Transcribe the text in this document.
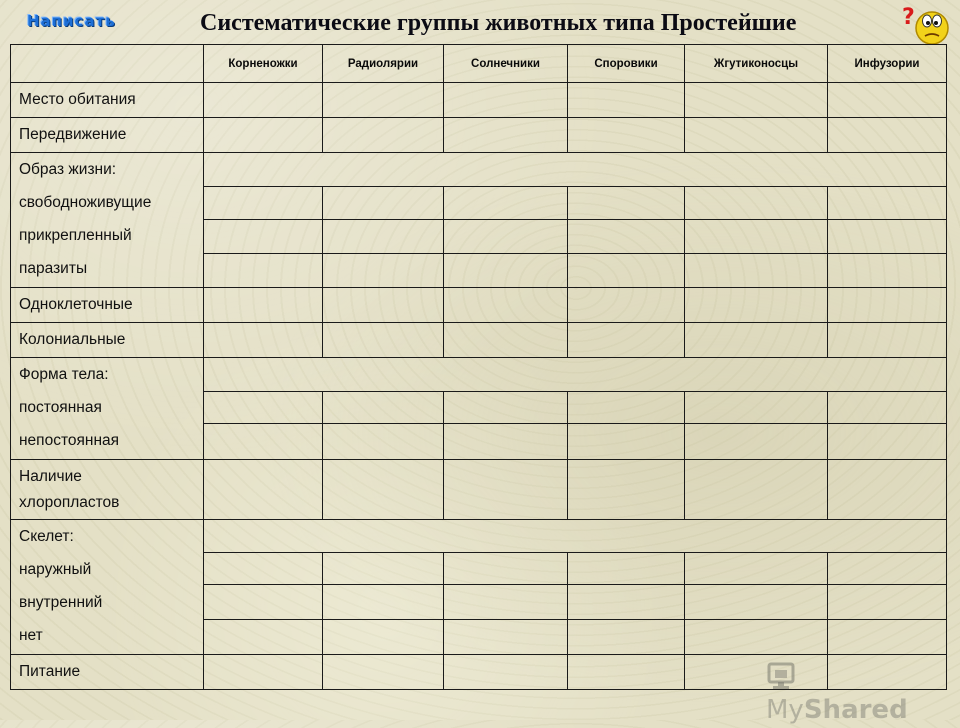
Написать	Систематические группы животных типа Простейшие	?
	Корненожки	Радиолярии	Солнечники	Споровики	Жгутиконосцы	Инфузории
Место обитания						
Передвижение						

Образ жизни:
свободноживущие
прикрепленный
паразиты						

Одноклеточные						
Колониальные						

Форма тела:
постоянная
непостоянная						

Наличие
хлоропластов						

Скелет:
наружный
внутренний
нет						

Питание						
MyShared
